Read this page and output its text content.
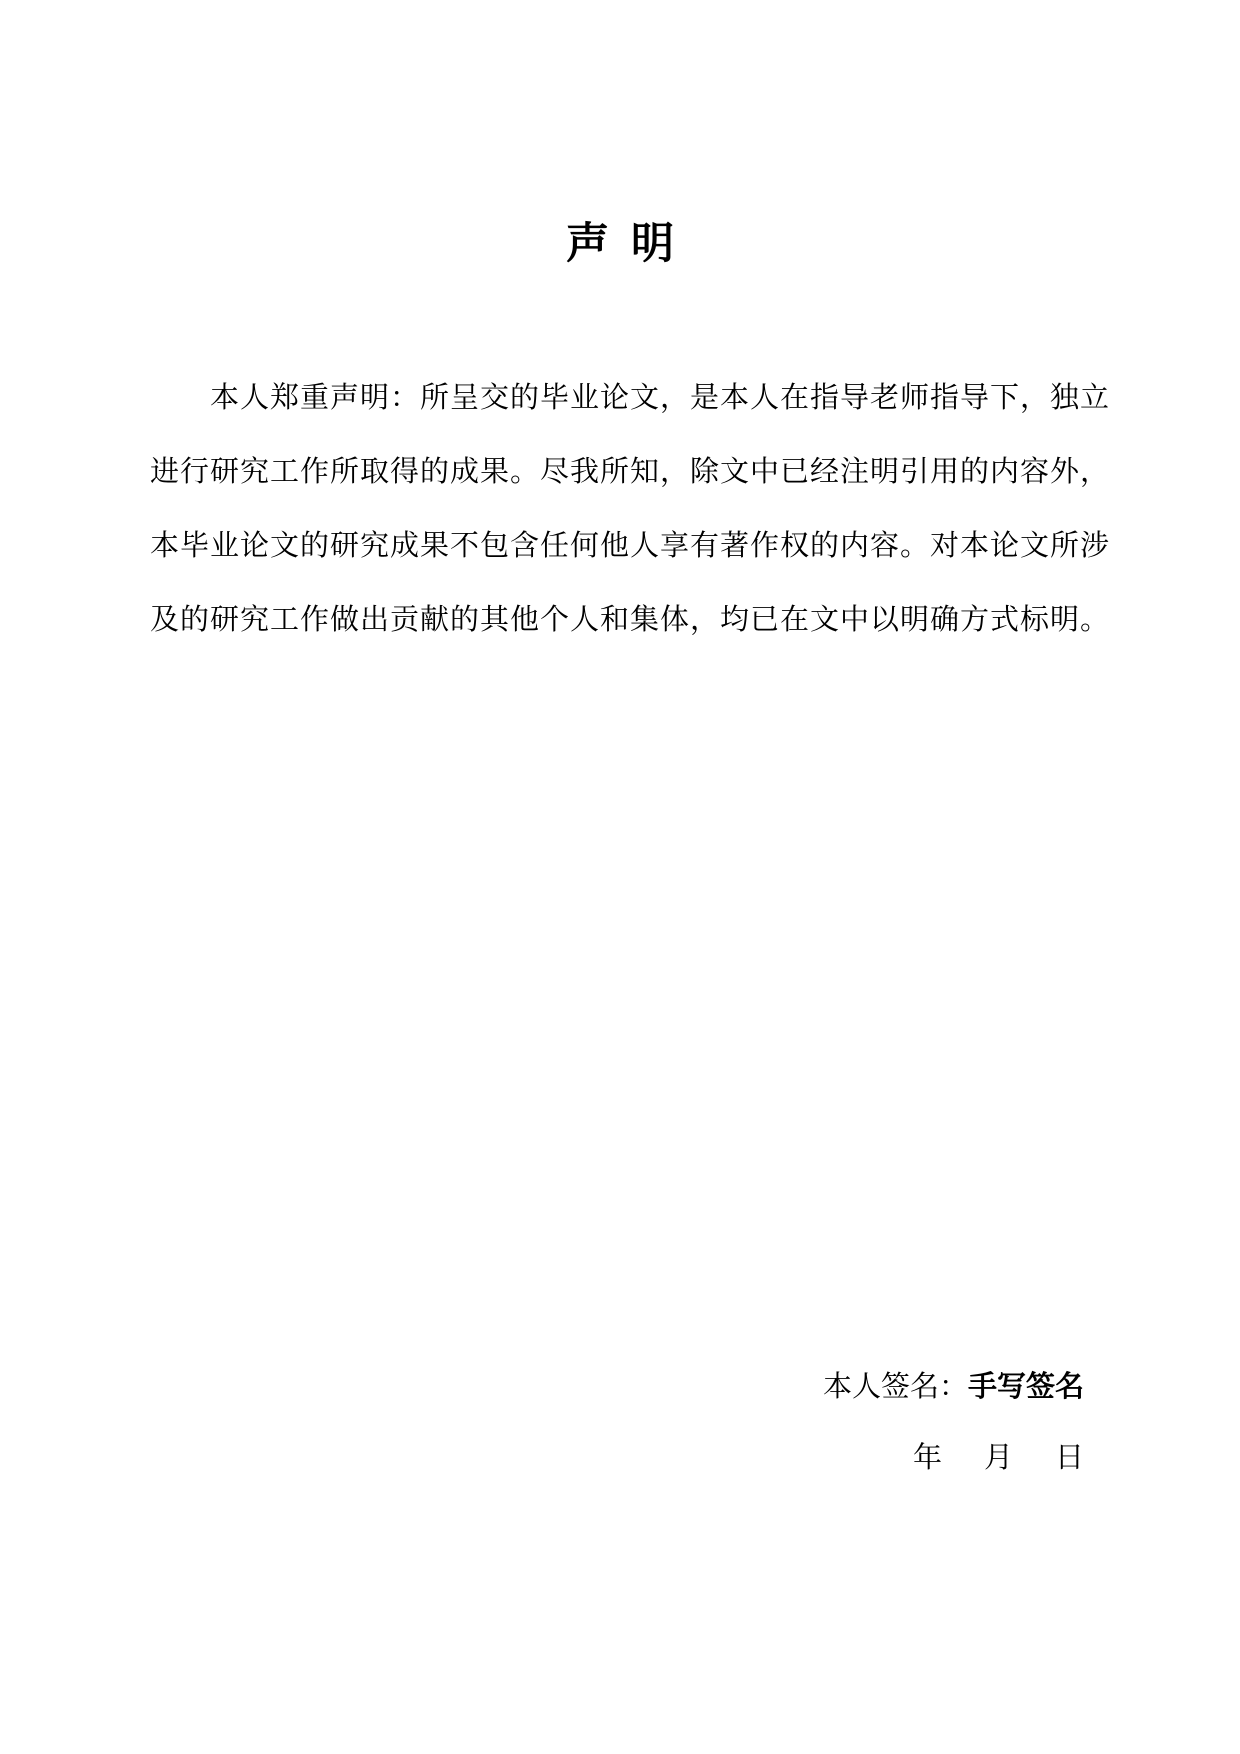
声明

本人郑重声明：所呈交的毕业论文，是本人在指导老师指导下，独立进行研究工作所取得的成果。尽我所知，除文中已经注明引用的内容外，本毕业论文的研究成果不包含任何他人享有著作权的内容。对本论文所涉及的研究工作做出贡献的其他个人和集体，均已在文中以明确方式标明。

本人签名：手写签名
年 月 日
